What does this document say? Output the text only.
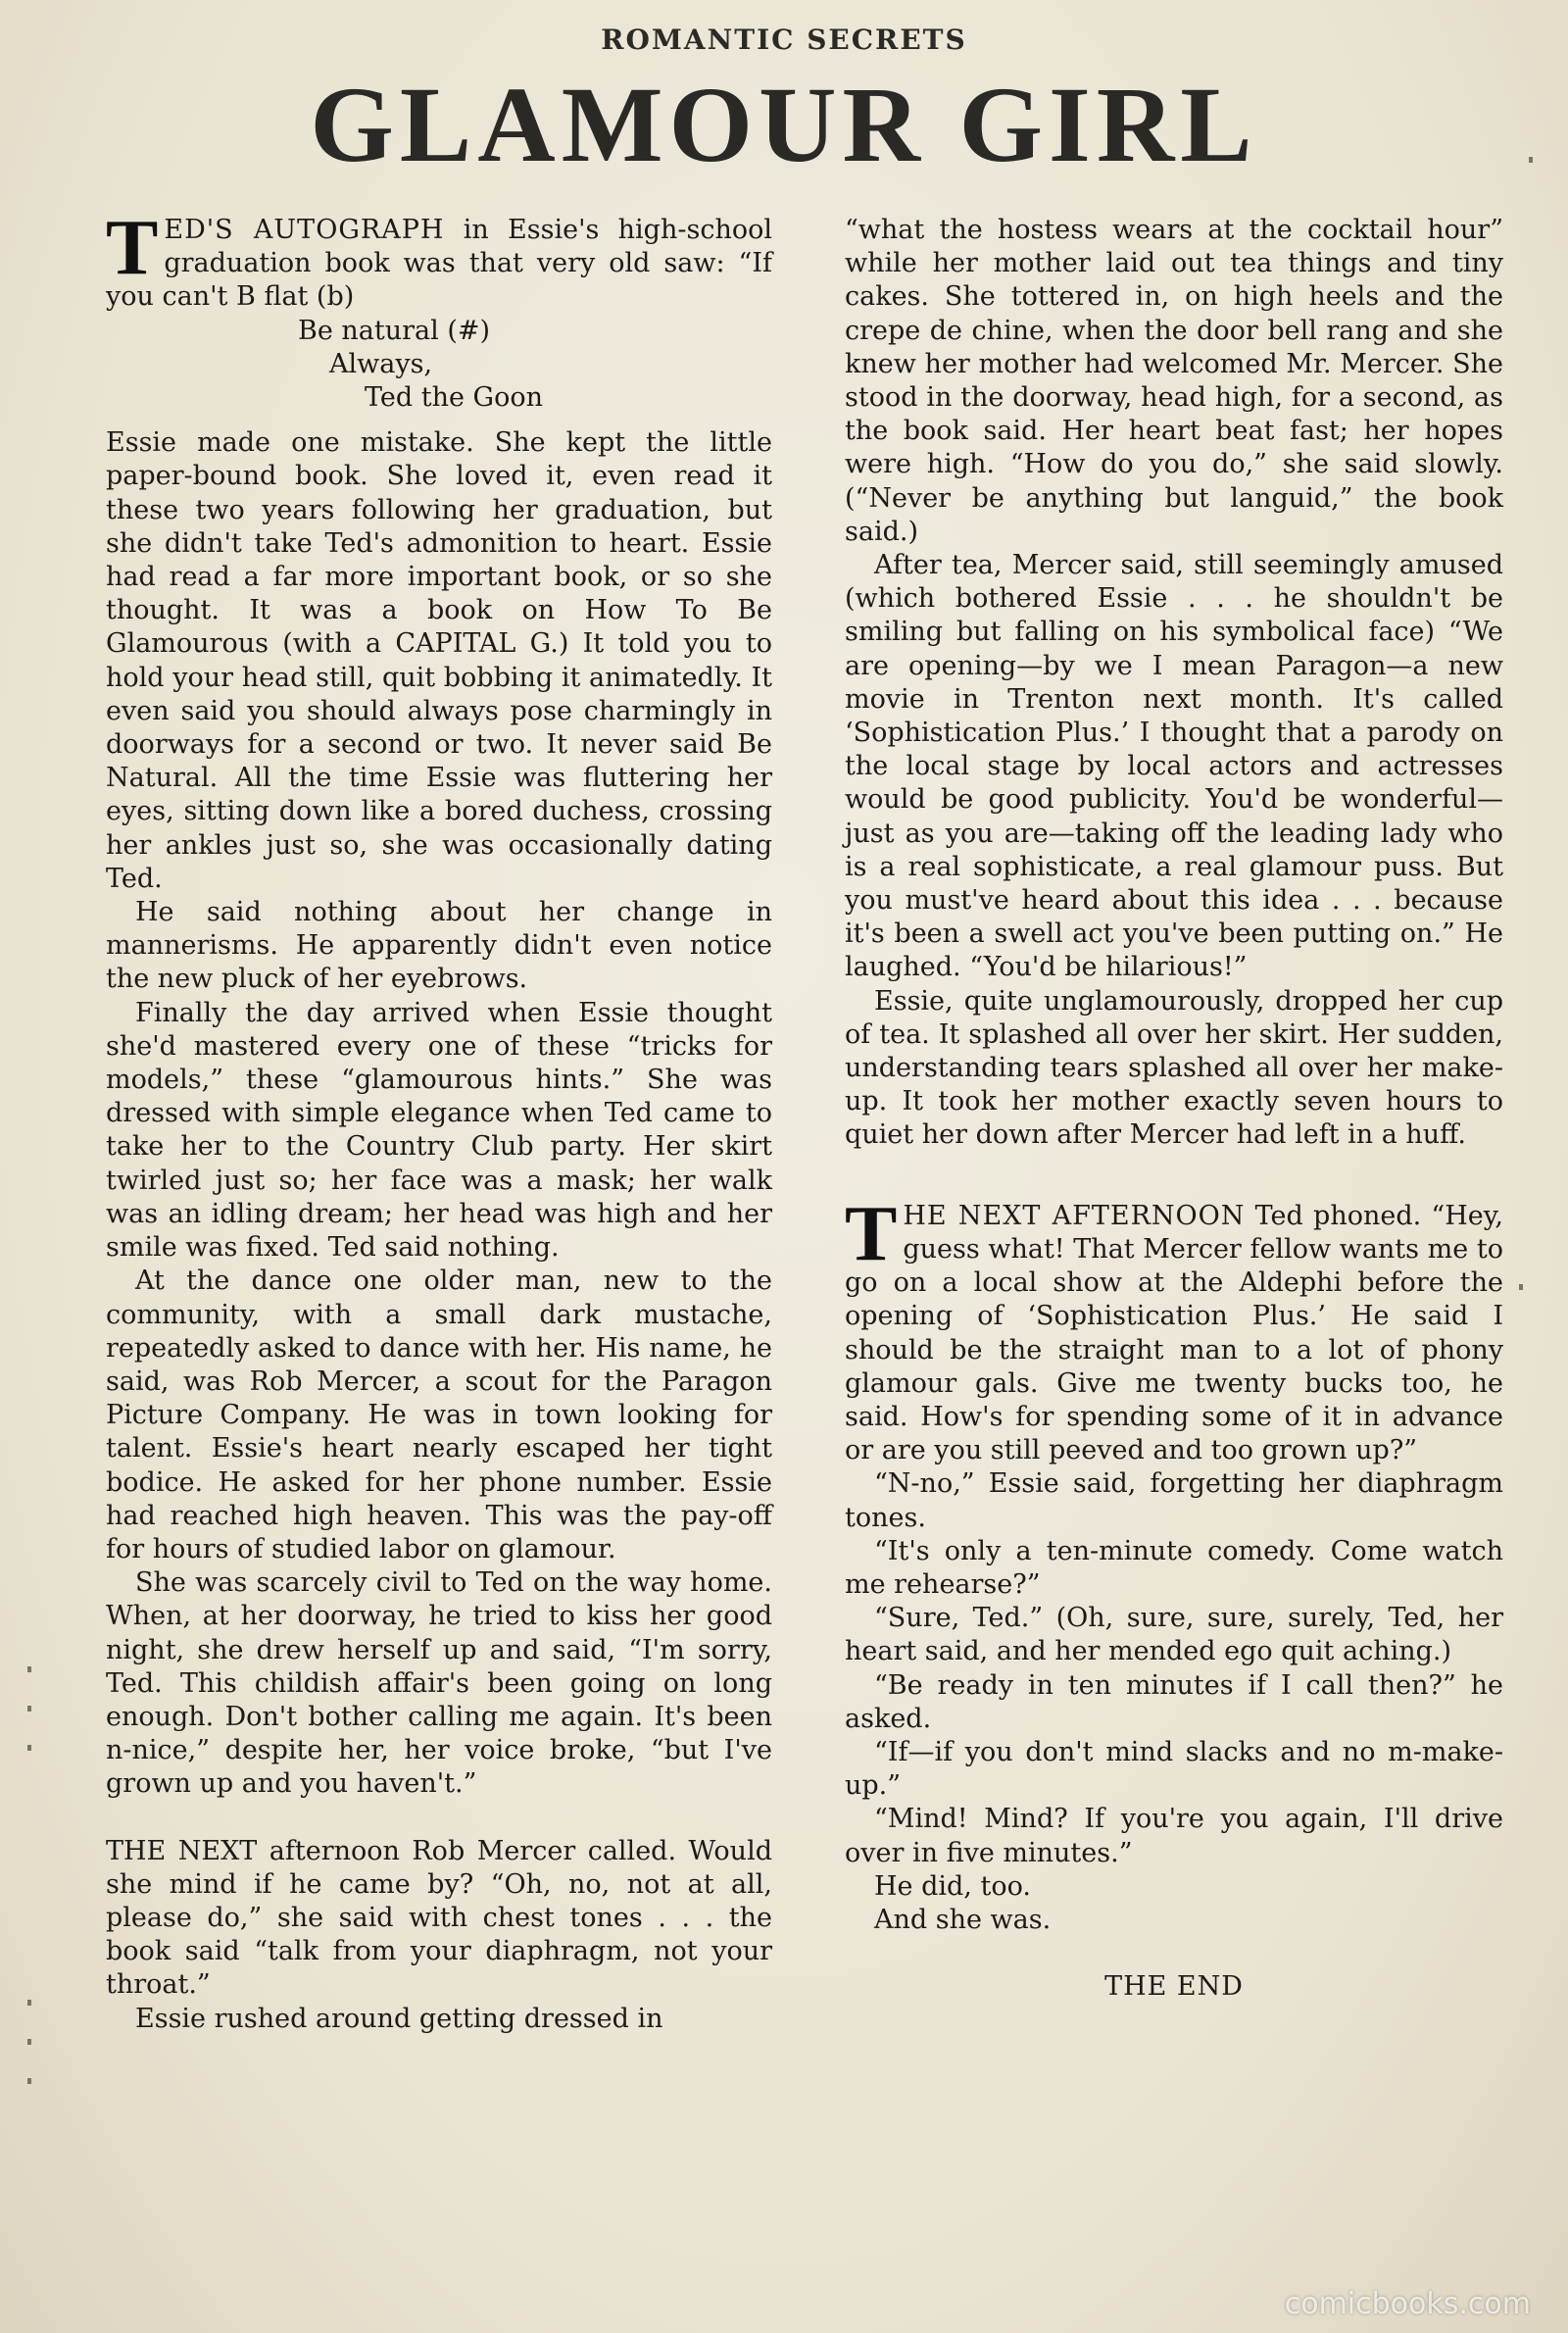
ROMANTIC SECRETS
GLAMOUR GIRL

TED'S AUTOGRAPH in Essie's high-school graduation book was that very old saw: “If you can't B flat (b)

Be natural (#)

Always,

Ted the Goon

Essie made one mistake. She kept the little paper-bound book. She loved it, even read it these two years following her graduation, but she didn't take Ted's admonition to heart. Essie had read a far more important book, or so she thought. It was a book on How To Be Glamourous (with a CAPITAL G.) It told you to hold your head still, quit bobbing it animatedly. It even said you should always pose charmingly in doorways for a second or two. It never said Be Natural. All the time Essie was fluttering her eyes, sitting down like a bored duchess, crossing her ankles just so, she was occasionally dating Ted.

He said nothing about her change in mannerisms. He apparently didn't even notice the new pluck of her eyebrows.

Finally the day arrived when Essie thought she'd mastered every one of these “tricks for models,” these “glamourous hints.” She was dressed with simple elegance when Ted came to take her to the Country Club party. Her skirt twirled just so; her face was a mask; her walk was an idling dream; her head was high and her smile was fixed. Ted said nothing.

At the dance one older man, new to the community, with a small dark mustache, repeatedly asked to dance with her. His name, he said, was Rob Mercer, a scout for the Paragon Picture Company. He was in town looking for talent. Essie's heart nearly escaped her tight bodice. He asked for her phone number. Essie had reached high heaven. This was the pay-off for hours of studied labor on glamour.

She was scarcely civil to Ted on the way home. When, at her doorway, he tried to kiss her good night, she drew herself up and said, “I'm sorry, Ted. This childish affair's been going on long enough. Don't bother calling me again. It's been n-nice,” despite her, her voice broke, “but I've grown up and you haven't.”

THE NEXT afternoon Rob Mercer called. Would she mind if he came by? “Oh, no, not at all, please do,” she said with chest tones . . . the book said “talk from your diaphragm, not your throat.”

Essie rushed around getting dressed in

“what the hostess wears at the cocktail hour” while her mother laid out tea things and tiny cakes. She tottered in, on high heels and the crepe de chine, when the door bell rang and she knew her mother had welcomed Mr. Mercer. She stood in the doorway, head high, for a second, as the book said. Her heart beat fast; her hopes were high. “How do you do,” she said slowly. (“Never be anything but languid,” the book said.)

After tea, Mercer said, still seemingly amused (which bothered Essie . . . he shouldn't be smiling but falling on his symbolical face) “We are opening—by we I mean Paragon—a new movie in Trenton next month. It's called ‘Sophistication Plus.’ I thought that a parody on the local stage by local actors and actresses would be good publicity. You'd be wonderful—just as you are—taking off the leading lady who is a real sophisticate, a real glamour puss. But you must've heard about this idea . . . because it's been a swell act you've been putting on.” He laughed. “You'd be hilarious!”

Essie, quite unglamourously, dropped her cup of tea. It splashed all over her skirt. Her sudden, understanding tears splashed all over her make-up. It took her mother exactly seven hours to quiet her down after Mercer had left in a huff.

THE NEXT AFTERNOON Ted phoned. “Hey, guess what! That Mercer fellow wants me to go on a local show at the Aldephi before the opening of ‘Sophistication Plus.’ He said I should be the straight man to a lot of phony glamour gals. Give me twenty bucks too, he said. How's for spending some of it in advance or are you still peeved and too grown up?”

“N-no,” Essie said, forgetting her diaphragm tones.

“It's only a ten-minute comedy. Come watch me rehearse?”

“Sure, Ted.” (Oh, sure, sure, surely, Ted, her heart said, and her mended ego quit aching.)

“Be ready in ten minutes if I call then?” he asked.

“If—if you don't mind slacks and no m-make-up.”

“Mind! Mind? If you're you again, I'll drive over in five minutes.”

He did, too.

And she was.

THE END

comicbooks.com
